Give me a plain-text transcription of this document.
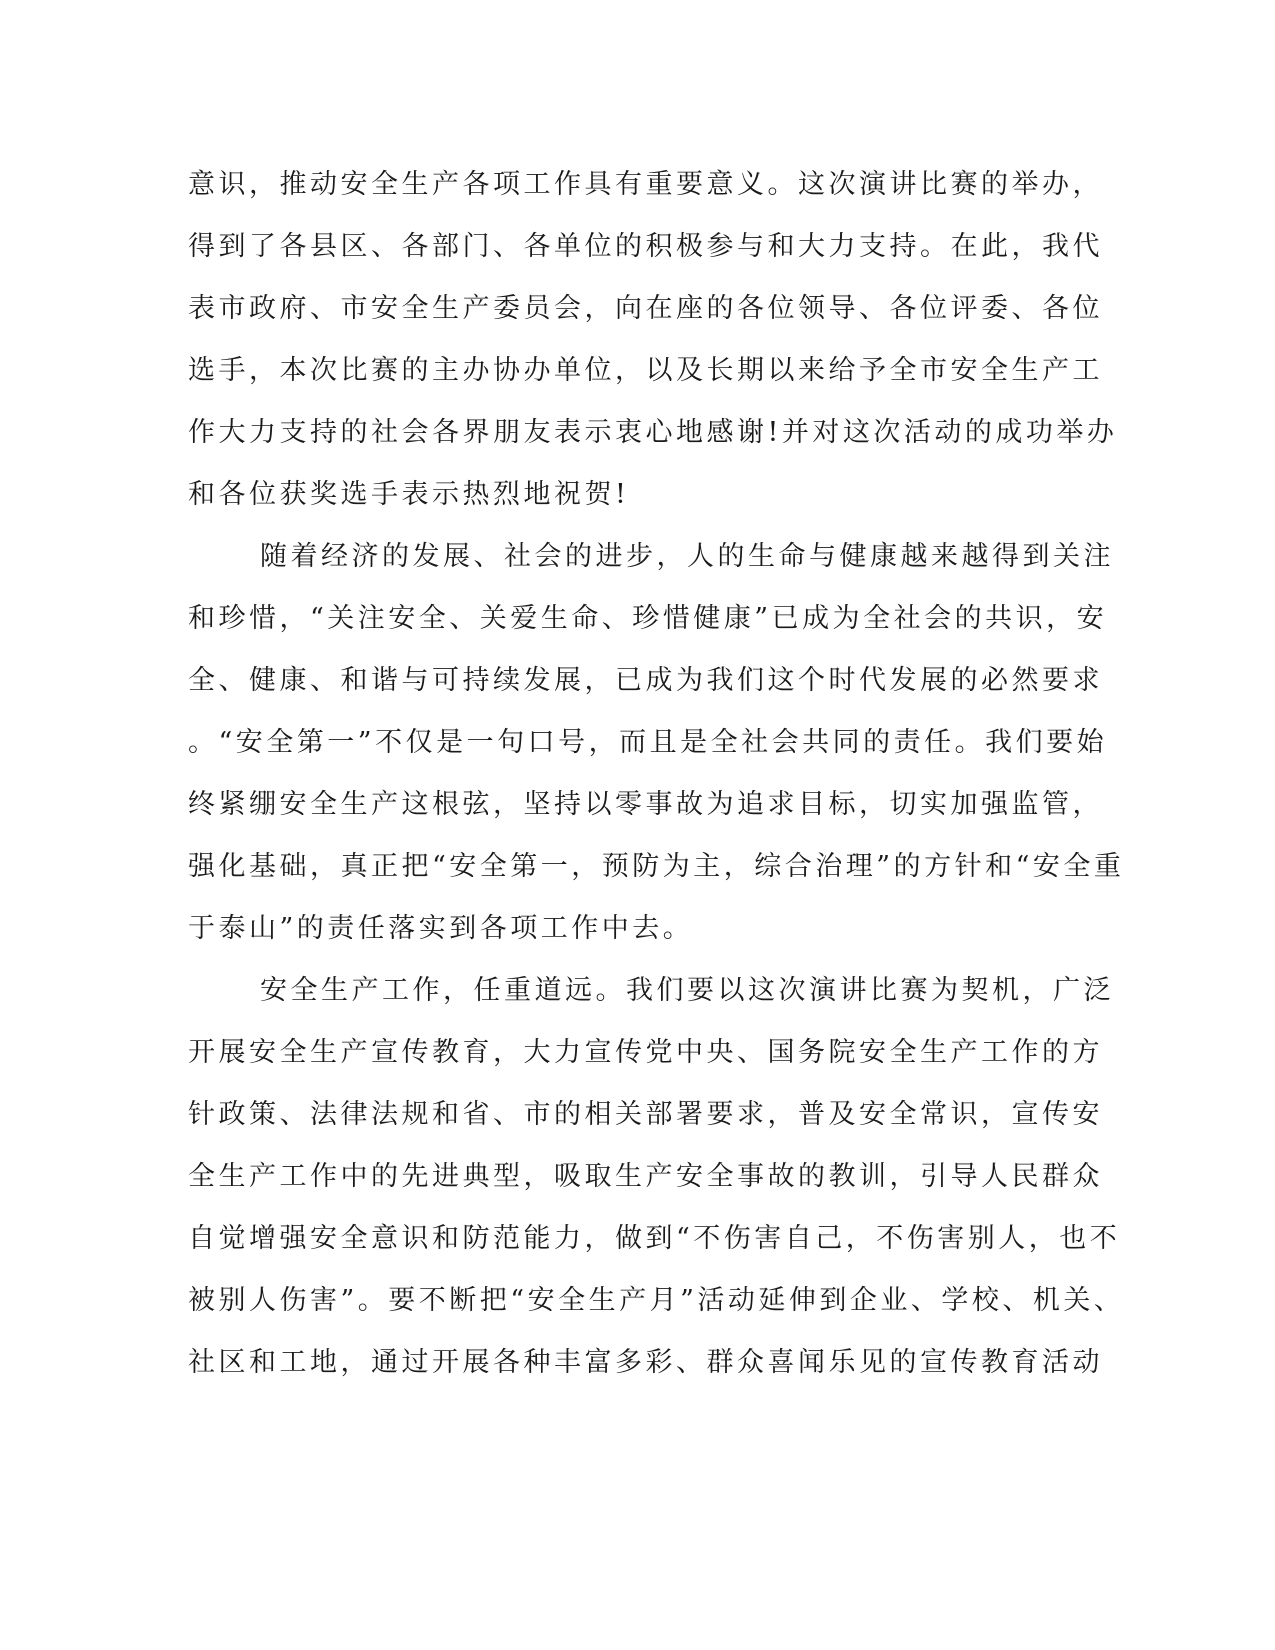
意识，推动安全生产各项工作具有重要意义。这次演讲比赛的举办，
得到了各县区、各部门、各单位的积极参与和大力支持。在此，我代
表市政府、市安全生产委员会，向在座的各位领导、各位评委、各位
选手，本次比赛的主办协办单位，以及长期以来给予全市安全生产工
作大力支持的社会各界朋友表示衷心地感谢!并对这次活动的成功举办
和各位获奖选手表示热烈地祝贺!
随着经济的发展、社会的进步，人的生命与健康越来越得到关注
和珍惜，“关注安全、关爱生命、珍惜健康”已成为全社会的共识，安
全、健康、和谐与可持续发展，已成为我们这个时代发展的必然要求
。“安全第一”不仅是一句口号，而且是全社会共同的责任。我们要始
终紧绷安全生产这根弦，坚持以零事故为追求目标，切实加强监管，
强化基础，真正把“安全第一，预防为主，综合治理”的方针和“安全重
于泰山”的责任落实到各项工作中去。
安全生产工作，任重道远。我们要以这次演讲比赛为契机，广泛
开展安全生产宣传教育，大力宣传党中央、国务院安全生产工作的方
针政策、法律法规和省、市的相关部署要求，普及安全常识，宣传安
全生产工作中的先进典型，吸取生产安全事故的教训，引导人民群众
自觉增强安全意识和防范能力，做到“不伤害自己，不伤害别人，也不
被别人伤害”。要不断把“安全生产月”活动延伸到企业、学校、机关、
社区和工地，通过开展各种丰富多彩、群众喜闻乐见的宣传教育活动
